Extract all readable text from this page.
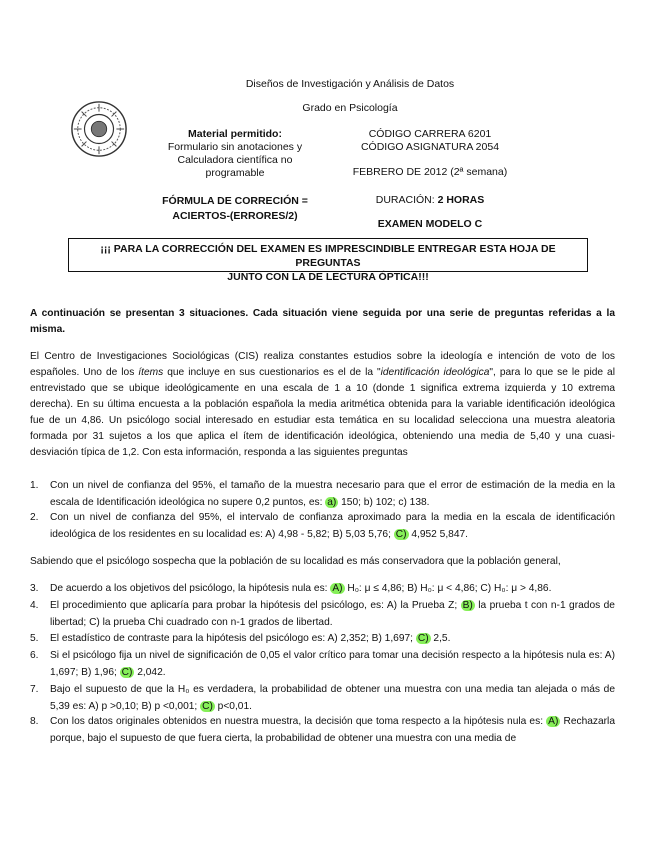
Diseños de Investigación y Análisis de Datos
Grado en Psicología
Material permitido:
Formulario sin anotaciones y
Calculadora científica no
programable
FÓRMULA DE CORRECIÓN =
ACIERTOS-(ERRORES/2)
CÓDIGO CARRERA 6201
CÓDIGO ASIGNATURA 2054
FEBRERO DE 2012 (2ª semana)
DURACIÓN: 2 HORAS
EXAMEN MODELO C
¡¡¡ PARA LA CORRECCIÓN DEL EXAMEN ES IMPRESCINDIBLE ENTREGAR ESTA HOJA DE PREGUNTAS
JUNTO CON LA DE LECTURA ÓPTICA!!!
A continuación se presentan 3 situaciones. Cada situación viene seguida por una serie de preguntas referidas a la misma.
El Centro de Investigaciones Sociológicas (CIS) realiza constantes estudios sobre la ideología e intención de voto de los españoles. Uno de los ítems que incluye en sus cuestionarios es el de la "identificación ideológica", para lo que se le pide al entrevistado que se ubique ideológicamente en una escala de 1 a 10 (donde 1 significa extrema izquierda y 10 extrema derecha). En su última encuesta a la población española la media aritmética obtenida para la variable identificación ideológica fue de un 4,86. Un psicólogo social interesado en estudiar esta temática en su localidad selecciona una muestra aleatoria formada por 31 sujetos a los que aplica el ítem de identificación ideológica, obteniendo una media de 5,40 y una cuasi-desviación típica de 1,2. Con esta información, responda a las siguientes preguntas
1.	Con un nivel de confianza del 95%, el tamaño de la muestra necesario para que el error de estimación de la media en la escala de Identificación ideológica no supere 0,2 puntos, es: a) 150; b) 102; c) 138.
2.	Con un nivel de confianza del 95%, el intervalo de confianza aproximado para la media en la escala de identificación ideológica de los residentes en su localidad es: A) 4,98 - 5,82; B) 5,03 5,76; C) 4,952 5,847.
Sabiendo que el psicólogo sospecha que la población de su localidad es más conservadora que la población general,
3.	De acuerdo a los objetivos del psicólogo, la hipótesis nula es: A) H₀: μ ≤ 4,86; B) H₀: μ < 4,86; C) H₀: μ > 4,86.
4.	El procedimiento que aplicaría para probar la hipótesis del psicólogo, es: A) la Prueba Z; B) la prueba t con n-1 grados de libertad; C) la prueba Chi cuadrado con n-1 grados de libertad.
5.	El estadístico de contraste para la hipótesis del psicólogo es: A) 2,352; B) 1,697; C) 2,5.
6.	Si el psicólogo fija un nivel de significación de 0,05 el valor crítico para tomar una decisión respecto a la hipótesis nula es: A) 1,697; B) 1,96; C) 2,042.
7.	Bajo el supuesto de que la H₀ es verdadera, la probabilidad de obtener una muestra con una media tan alejada o más de 5,39 es: A) p >0,10; B) p <0,001; C) p<0,01.
8.	Con los datos originales obtenidos en nuestra muestra, la decisión que toma respecto a la hipótesis nula es: A) Rechazarla porque, bajo el supuesto de que fuera cierta, la probabilidad de obtener una muestra con una media de
